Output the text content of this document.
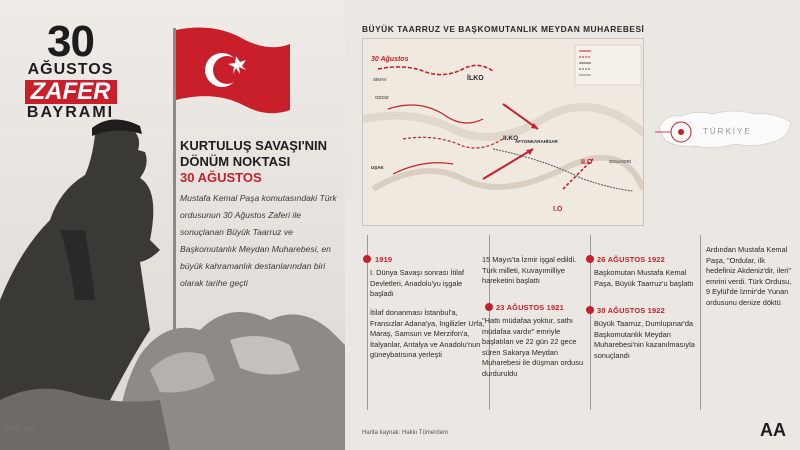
30
AĞUSTOS
ZAFER
BAYRAMI
KURTULUŞ SAVAŞI'NIN
DÖNÜM NOKTASI
30 AĞUSTOS
Mustafa Kemal Paşa komutasındaki Türk ordusunun 30 Ağustos Zaferi ile sonuçlanan Büyük Taarruz ve Başkomutanlık Meydan Muharebesi, en büyük kahramanlık destanlarından biri olarak tarihe geçti
30.08.2024
BÜYÜK TAARRUZ VE BAŞKOMUTANLIK MEYDAN MUHAREBESİ
30 Ağustos
İLKO
AFYONKARAHİSAR
II.KO
II.O
I.O
UŞAK
GEDİZ
SİMAV
SOLVADRİ
TÜRKİYE
1919
I. Dünya Savaşı sonrası İtilaf Devletleri, Anadolu'yu işgale başladı
İtilaf donanması İstanbul'a, Fransızlar Adana'ya, İngilizler Urfa, Maraş, Samsun ve Merzifon'a, İtalyanlar, Antalya ve Anadolu'nun güneybatısına yerleşti
15 Mayıs'ta İzmir işgal edildi. Türk milleti, Kuvayımilliye hareketini başlattı
23 AĞUSTOS 1921
"Hattı müdafaa yoktur, sathı müdafaa vardır" emriyle başlatılan ve 22 gün 22 gece süren Sakarya Meydan Muharebesi ile düşman ordusu durduruldu
26 AĞUSTOS 1922
Başkomutan Mustafa Kemal Paşa, Büyük Taarruz'u başlattı
30 AĞUSTOS 1922
Büyük Taarruz, Dumlupınar'da Başkomutanlık Meydan Muharebesi'nin kazanılmasıyla sonuçlandı
Ardından Mustafa Kemal Paşa, "Ordular, ilk hedefiniz Akdeniz'dir, ileri" emrini verdi. Türk Ordusu, 9 Eylül'de İzmir'de Yunan ordusunu denize döktü
Harita kaynak: Hakkı Tümerdem	AA
